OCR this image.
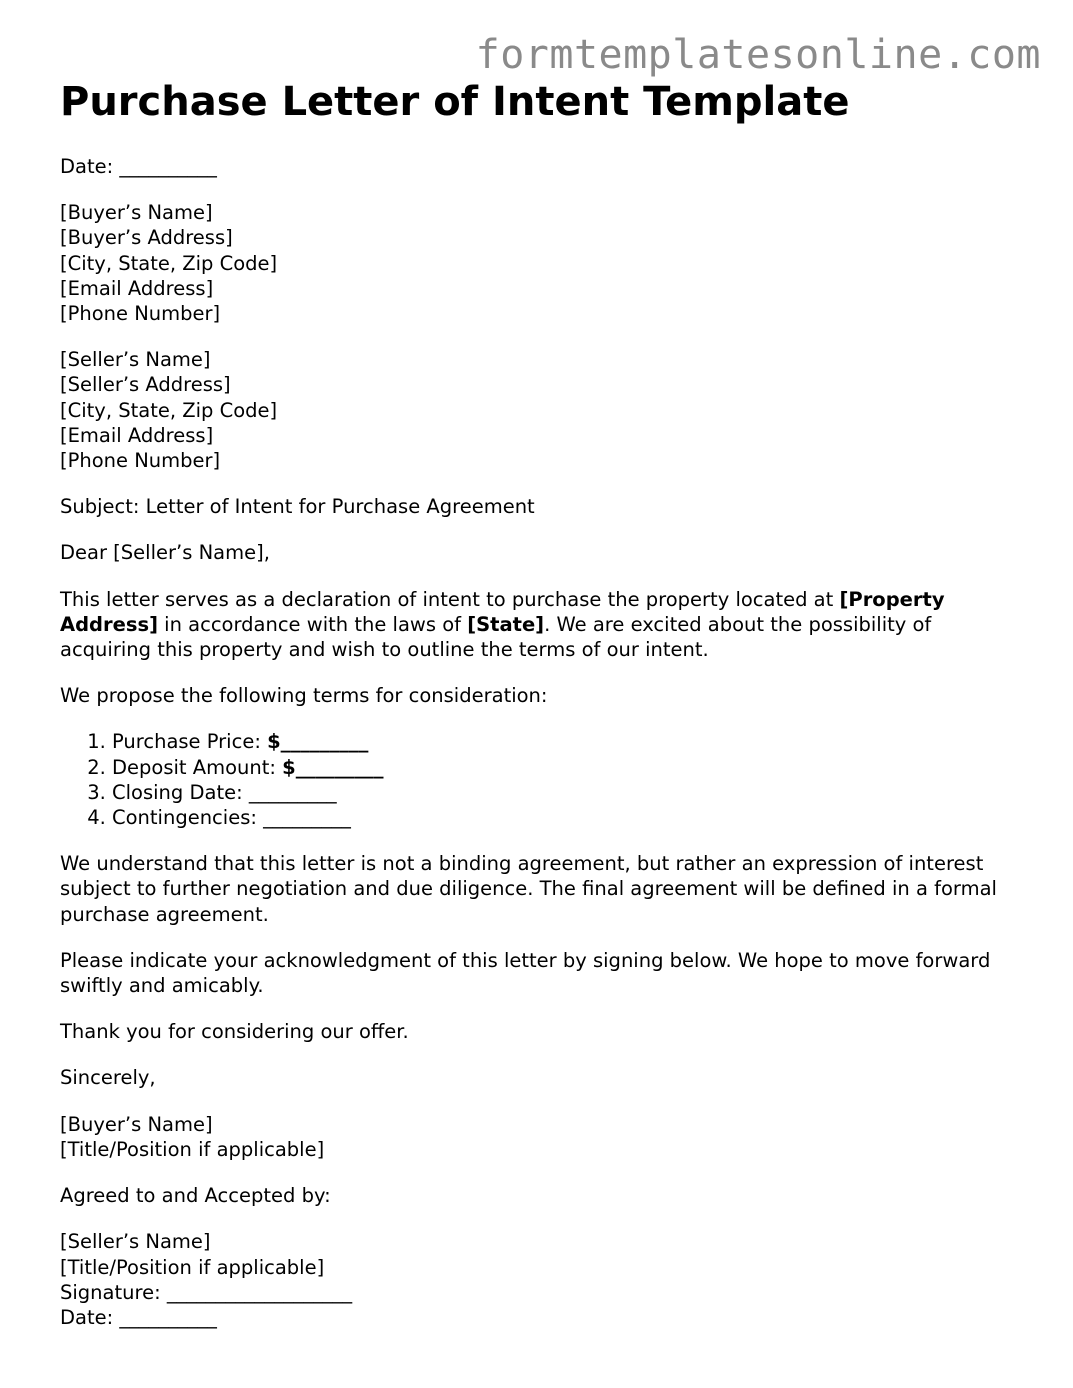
formtemplatesonline.com
Purchase Letter of Intent Template

Date: __________

[Buyer’s Name]
[Buyer’s Address]
[City, State, Zip Code]
[Email Address]
[Phone Number]

[Seller’s Name]
[Seller’s Address]
[City, State, Zip Code]
[Email Address]
[Phone Number]

Subject: Letter of Intent for Purchase Agreement

Dear [Seller’s Name],

This letter serves as a declaration of intent to purchase the property located at [Property Address] in accordance with the laws of [State]. We are excited about the possibility of acquiring this property and wish to outline the terms of our intent.

We propose the following terms for consideration:

1. Purchase Price: $_________
2. Deposit Amount: $_________
3. Closing Date: _________
4. Contingencies: _________

We understand that this letter is not a binding agreement, but rather an expression of interest subject to further negotiation and due diligence. The final agreement will be defined in a formal purchase agreement.

Please indicate your acknowledgment of this letter by signing below. We hope to move forward swiftly and amicably.

Thank you for considering our offer.

Sincerely,

[Buyer’s Name]
[Title/Position if applicable]

Agreed to and Accepted by:

[Seller’s Name]
[Title/Position if applicable]
Signature: ___________________
Date: __________
